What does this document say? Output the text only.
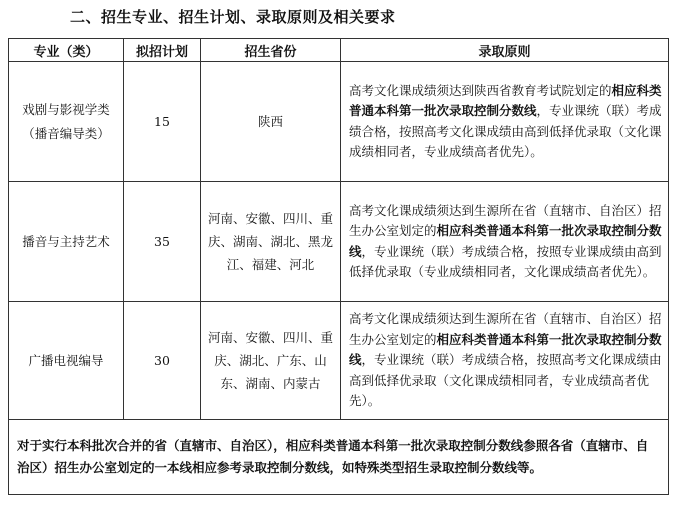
二、招生专业、招生计划、录取原则及相关要求
专业（类）	拟招计划	招生省份	录取原则

戏剧与影视学类
（播音编导类）	15	陕西	高考文化课成绩须达到陕西省教育考试院划定的相应科类普通本科第一批次录取控制分数线，专业课统（联）考成绩合格，按照高考文化课成绩由高到低择优录取（文化课成绩相同者，专业成绩高者优先）。

播音与主持艺术	35	河南、安徽、四川、重庆、湖南、湖北、黑龙江、福建、河北	高考文化课成绩须达到生源所在省（直辖市、自治区）招生办公室划定的相应科类普通本科第一批次录取控制分数线，专业课统（联）考成绩合格，按照专业课成绩由高到低择优录取（专业成绩相同者，文化课成绩高者优先）。

广播电视编导	30	河南、安徽、四川、重庆、湖北、广东、山东、湖南、内蒙古	高考文化课成绩须达到生源所在省（直辖市、自治区）招生办公室划定的相应科类普通本科第一批次录取控制分数线，专业课统（联）考成绩合格，按照高考文化课成绩由高到低择优录取（文化课成绩相同者，专业成绩高者优先）。
对于实行本科批次合并的省（直辖市、自治区），相应科类普通本科第一批次录取控制分数线参照各省（直辖市、自治区）招生办公室划定的一本线相应参考录取控制分数线，如特殊类型招生录取控制分数线等。			
